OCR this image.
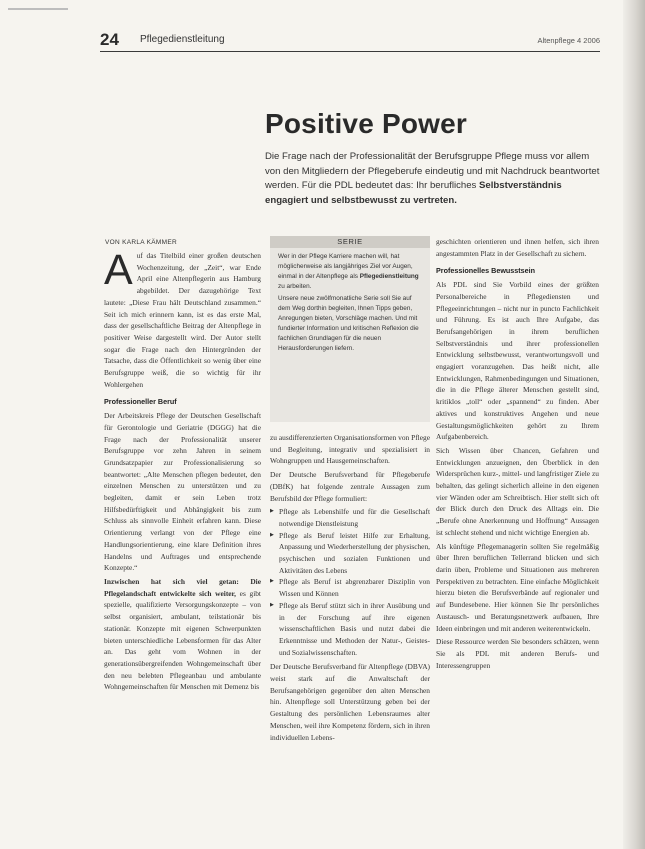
24 Pflegedienstleitung	Altenpflege 4 2006
Positive Power

Die Frage nach der Professionalität der Berufsgruppe Pflege muss vor allem von den Mitgliedern der Pflegeberufe eindeutig und mit Nachdruck beantwortet werden. Für die PDL bedeutet das: Ihr berufliches Selbstverständnis engagiert und selbstbewusst zu vertreten.

VON KARLA KÄMMER

Auf das Titelbild einer großen deutschen Wochenzeitung, der „Zeit“, war Ende April eine Altenpflegerin aus Hamburg abgebildet. Der dazugehörige Text lautete: „Diese Frau hält Deutschland zusammen.“ Seit ich mich erinnern kann, ist es das erste Mal, dass der gesellschaftliche Beitrag der Altenpflege in positiver Weise dargestellt wird. Der Autor stellt sogar die Frage nach den Hintergründen der Tatsache, dass die Öffentlichkeit so wenig über eine Berufsgruppe weiß, die so wichtig für ihr Wohlergehen

Professioneller Beruf

Der Arbeitskreis Pflege der Deutschen Gesellschaft für Gerontologie und Geriatrie (DGGG) hat die Frage nach der Professionalität unserer Berufsgruppe vor zehn Jahren in seinem Grundsatzpapier zur Professionalisierung so beantwortet: „Alte Menschen pflegen bedeutet, den einzelnen Menschen zu unterstützen und zu begleiten, damit er sein Leben trotz Hilfsbedürftigkeit und Abhängigkeit bis zum Schluss als sinnvolle Einheit erfahren kann. Diese Orientierung verlangt von der Pflege eine Handlungsorientierung, eine klare Definition ihres Handelns und Auftrages und entsprechende Konzepte.“

Inzwischen hat sich viel getan: Die Pflegelandschaft entwickelte sich weiter, es gibt spezielle, qualifizierte Versorgungskonzepte – von selbst organisiert, ambulant, teilstationär bis stationär. Konzepte mit eigenen Schwerpunkten bieten unterschiedliche Lebensformen für das Alter an. Das geht vom Wohnen in der generationsübergreifenden Wohngemeinschaft über den neu belebten Pflegeanbau und ambulante Wohngemeinschaften für Menschen mit Demenz bis

SERIE

Wer in der Pflege Karriere machen will, hat möglicherweise als langjähriges Ziel vor Augen, einmal in der Altenpflege als Pflegedienstleitung zu arbeiten.

Unsere neue zwölfmonatliche Serie soll Sie auf dem Weg dorthin begleiten, Ihnen Tipps geben, Anregungen bieten, Vorschläge machen. Und mit fundierter Information und kritischen Reflexion die fachlichen Grundlagen für die neuen Herausforderungen liefern.

zu ausdifferenzierten Organisationsformen von Pflege und Begleitung, integrativ und spezialisiert in Wohngruppen und Hausgemeinschaften.

Der Deutsche Berufsverband für Pflegeberufe (DBfK) hat folgende zentrale Aussagen zum Berufsbild der Pflege formuliert:

▶ Pflege als Lebenshilfe und für die Gesellschaft notwendige Dienstleistung
▶ Pflege als Beruf leistet Hilfe zur Erhaltung, Anpassung und Wiederherstellung der physischen, psychischen und sozialen Funktionen und Aktivitäten des Lebens
▶ Pflege als Beruf ist abgrenzbarer Disziplin von Wissen und Können
▶ Pflege als Beruf stützt sich in ihrer Ausübung und in der Forschung auf ihre eigenen wissenschaftlichen Basis und nutzt dabei die Erkenntnisse und Methoden der Natur-, Geistes- und Sozialwissenschaften.

Der Deutsche Berufsverband für Altenpflege (DBVA) weist stark auf die Anwaltschaft der Berufsangehörigen gegenüber den alten Menschen hin. Altenpflege soll Unterstützung geben bei der Gestaltung des persönlichen Lebensraumes alter Menschen, weil ihre Kompetenz fördern, sich in ihren individuellen Lebens-

geschichten orientieren und ihnen helfen, sich ihren angestammten Platz in der Gesellschaft zu sichern.

Professionelles Bewusstsein

Als PDL sind Sie Vorbild eines der größten Personalbereiche in Pflegediensten und Pflegeeinrichtungen – nicht nur in puncto Fachlichkeit und Führung. Es ist auch Ihre Aufgabe, das Berufsangehörigen in ihrem beruflichen Selbstverständnis und ihrer professionellen Entwicklung selbstbewusst, verantwortungsvoll und engagiert voranzugehen. Das heißt nicht, alle Entwicklungen, Rahmenbedingungen und Situationen, die in die Pflege älterer Menschen gestellt sind, kritiklos „toll“ oder „spannend“ zu finden. Aber aktives und konstruktives Angehen und neue Gestaltungsmöglichkeiten gehört zu Ihrem Aufgabenbereich.

Sich Wissen über Chancen, Gefahren und Entwicklungen anzueignen, den Überblick in den Widersprüchen kurz-, mittel- und langfristiger Ziele zu behalten, das gelingt sicherlich alleine in den eigenen vier Wänden oder am Schreibtisch. Hier stellt sich oft der Blick durch den Druck des Alltags ein. Die „Berufe ohne Anerkennung und Hoffnung“ Aussagen ist schlecht stehend und nicht wichtige Energien ab.

Als künftige Pflegemanagerin sollten Sie regelmäßig über Ihren beruflichen Tellerrand blicken und sich darin üben, Probleme und Situationen aus mehreren Perspektiven zu betrachten. Eine einfache Möglichkeit hierzu bieten die Berufsverbände auf regionaler und auf Bundesebene. Hier können Sie Ihr persönliches Austausch- und Beratungsnetzwerk aufbauen, Ihre Ideen einbringen und mit anderen weiterentwickeln.

Diese Ressource werden Sie besonders schätzen, wenn Sie als PDL mit anderen Berufs- und Interessengruppen
